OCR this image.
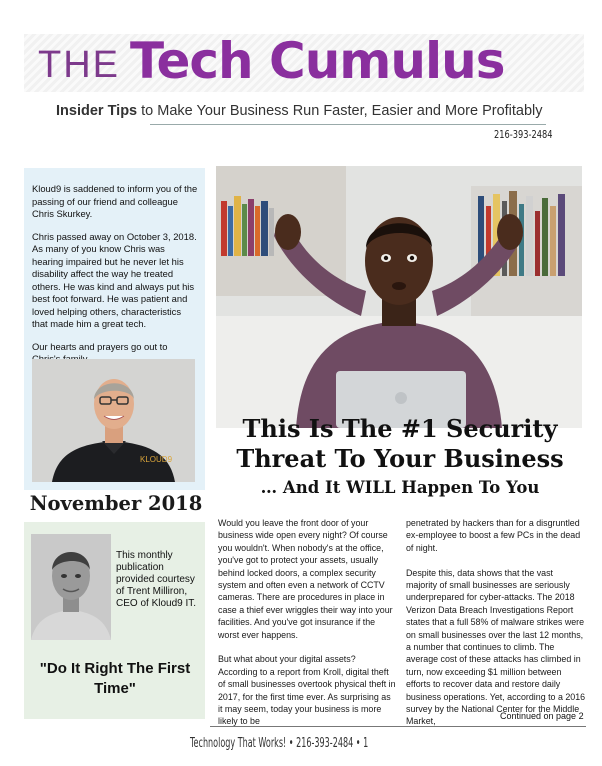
THE Tech Cumulus
Insider Tips to Make Your Business Run Faster, Easier and More Profitably
216-393-2484

Kloud9 is saddened to inform you of the passing of our friend and colleague Chris Skurkey.

Chris passed away on October 3, 2018. As many of you know Chris was hearing impaired but he never let his disability affect the way he treated others. He was kind and always put his best foot forward. He was patient and loved helping others, characteristics that made him a great tech.

Our hearts and prayers go out to

KLOUD9
November 2018
This monthly publication provided courtesy of Trent Milliron, CEO of Kloud9 IT.
"Do It Right The First Time"
This Is The #1 Security
Threat To Your Business
… And It WILL Happen To You

Would you leave the front door of your business wide open every night? Of course you wouldn't. When nobody's at the office, you've got to protect your assets, usually behind locked doors, a complex security system and often even a network of CCTV cameras. There are procedures in place in case a thief ever wriggles their way into your facilities. And you've got insurance if the worst ever happens.

But what about your digital assets? According to a report from Kroll, digital theft of small businesses overtook physical theft in 2017, for the first time ever. As surprising as it may seem, today your business is more likely to be

penetrated by hackers than for a disgruntled ex-employee to boost a few PCs in the dead of night.

Despite this, data shows that the vast majority of small businesses are seriously underprepared for cyber-attacks. The 2018 Verizon Data Breach Investigations Report states that a full 58% of malware strikes were on small businesses over the last 12 months, a number that continues to climb. The average cost of these attacks has climbed in turn, now exceeding $1 million between efforts to recover data and restore daily business operations. Yet, according to a 2016 survey by the National Center for the Middle Market,

Continued on page 2
Technology That Works! • 216-393-2484 • 1
